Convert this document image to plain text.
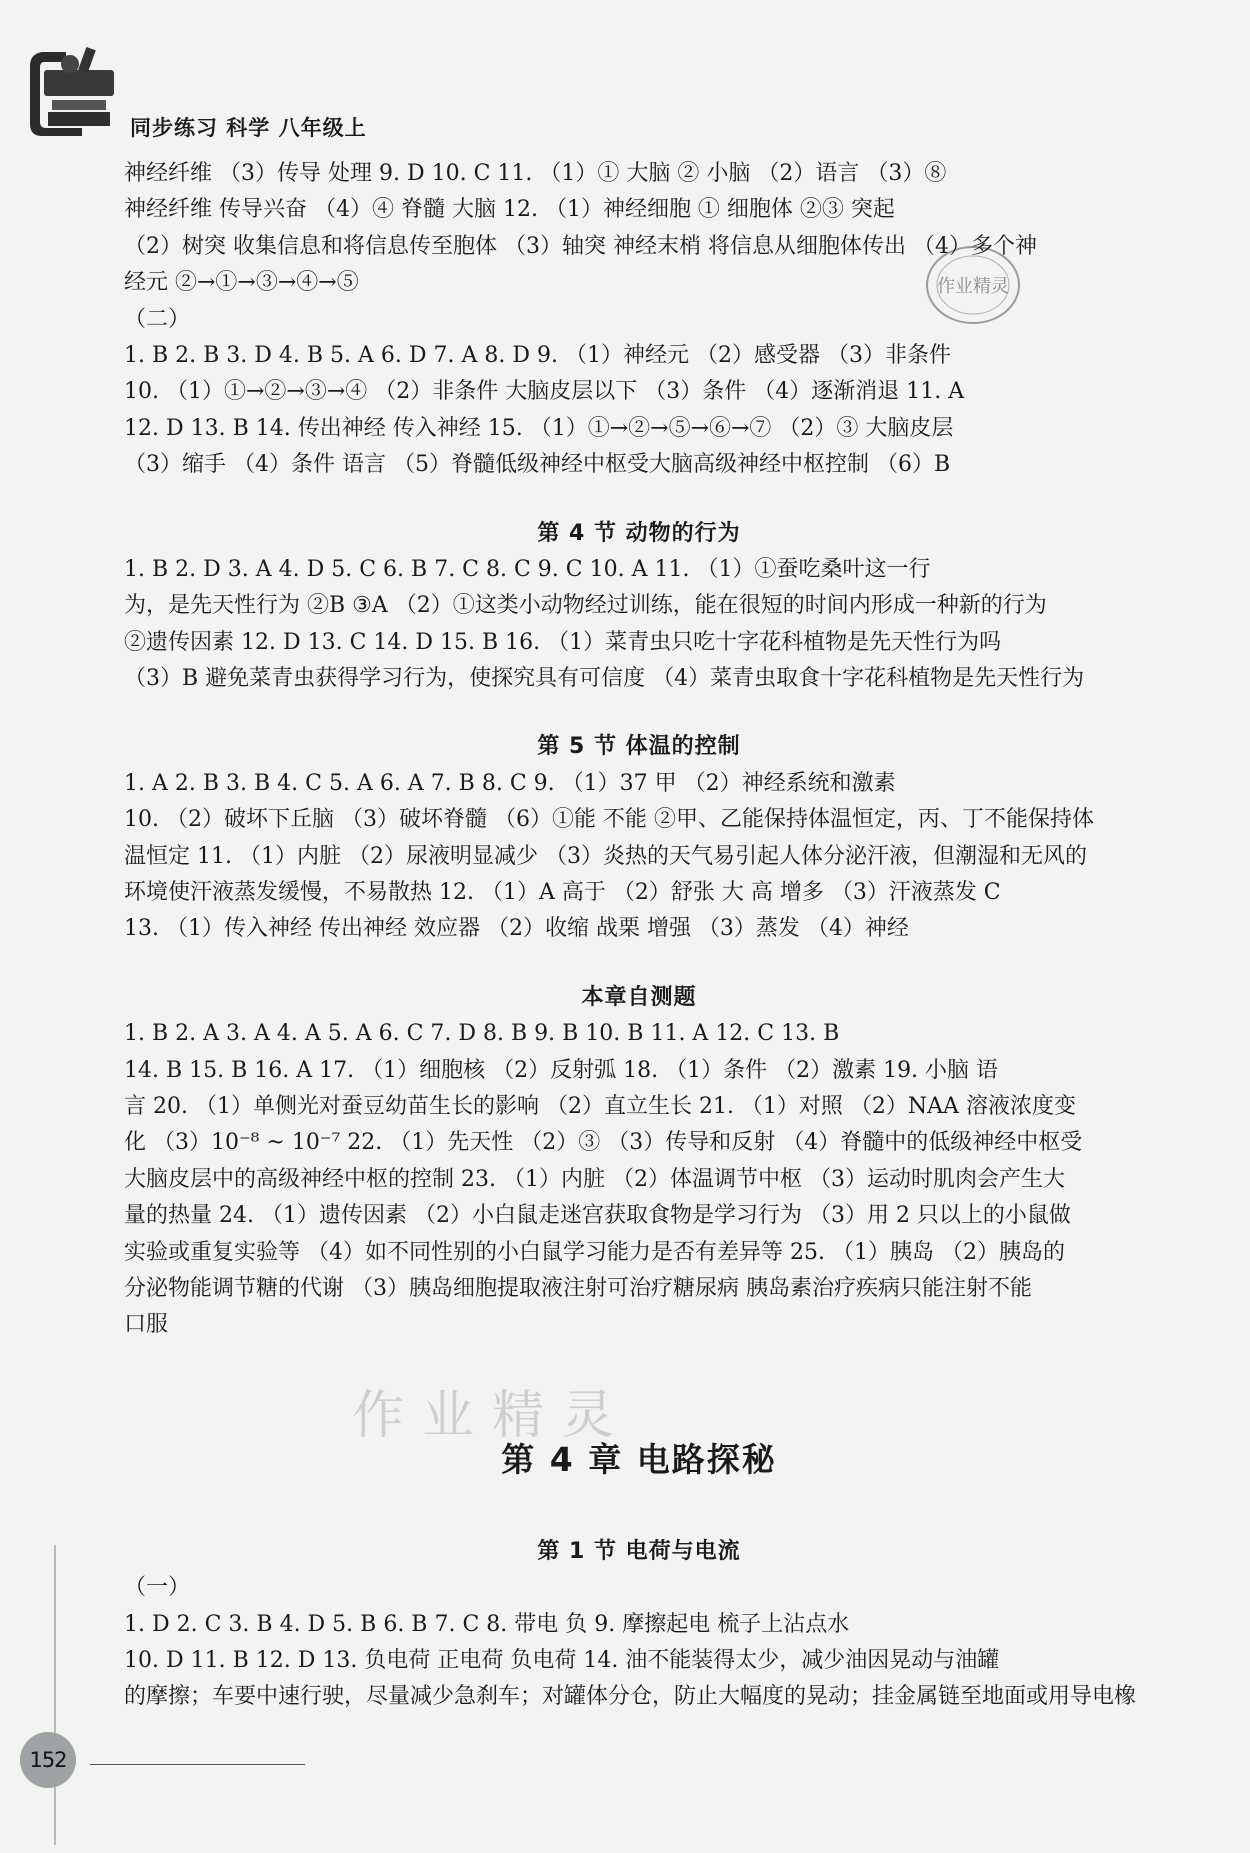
同步练习 科学 八年级上
作业精灵
作业精灵
神经纤维 （3）传导 处理 9. D 10. C 11. （1）① 大脑 ② 小脑 （2）语言 （3）⑧
神经纤维 传导兴奋 （4）④ 脊髓 大脑 12. （1）神经细胞 ① 细胞体 ②③ 突起
（2）树突 收集信息和将信息传至胞体 （3）轴突 神经末梢 将信息从细胞体传出 （4）多个神
经元 ②→①→③→④→⑤
（二）
1. B 2. B 3. D 4. B 5. A 6. D 7. A 8. D 9. （1）神经元 （2）感受器 （3）非条件
10. （1）①→②→③→④ （2）非条件 大脑皮层以下 （3）条件 （4）逐渐消退 11. A
12. D 13. B 14. 传出神经 传入神经 15. （1）①→②→⑤→⑥→⑦ （2）③ 大脑皮层
（3）缩手 （4）条件 语言 （5）脊髓低级神经中枢受大脑高级神经中枢控制 （6）B
第 4 节 动物的行为
1. B 2. D 3. A 4. D 5. C 6. B 7. C 8. C 9. C 10. A 11. （1）①蚕吃桑叶这一行
为，是先天性行为 ②B ③A （2）①这类小动物经过训练，能在很短的时间内形成一种新的行为
②遗传因素 12. D 13. C 14. D 15. B 16. （1）菜青虫只吃十字花科植物是先天性行为吗
（3）B 避免菜青虫获得学习行为，使探究具有可信度 （4）菜青虫取食十字花科植物是先天性行为
第 5 节 体温的控制
1. A 2. B 3. B 4. C 5. A 6. A 7. B 8. C 9. （1）37 甲 （2）神经系统和激素
10. （2）破坏下丘脑 （3）破坏脊髓 （6）①能 不能 ②甲、乙能保持体温恒定，丙、丁不能保持体
温恒定 11. （1）内脏 （2）尿液明显减少 （3）炎热的天气易引起人体分泌汗液，但潮湿和无风的
环境使汗液蒸发缓慢，不易散热 12. （1）A 高于 （2）舒张 大 高 增多 （3）汗液蒸发 C
13. （1）传入神经 传出神经 效应器 （2）收缩 战栗 增强 （3）蒸发 （4）神经
本章自测题
1. B 2. A 3. A 4. A 5. A 6. C 7. D 8. B 9. B 10. B 11. A 12. C 13. B
14. B 15. B 16. A 17. （1）细胞核 （2）反射弧 18. （1）条件 （2）激素 19. 小脑 语
言 20. （1）单侧光对蚕豆幼苗生长的影响 （2）直立生长 21. （1）对照 （2）NAA 溶液浓度变
化 （3）10⁻⁸ ~ 10⁻⁷ 22. （1）先天性 （2）③ （3）传导和反射 （4）脊髓中的低级神经中枢受
大脑皮层中的高级神经中枢的控制 23. （1）内脏 （2）体温调节中枢 （3）运动时肌肉会产生大
量的热量 24. （1）遗传因素 （2）小白鼠走迷宫获取食物是学习行为 （3）用 2 只以上的小鼠做
实验或重复实验等 （4）如不同性别的小白鼠学习能力是否有差异等 25. （1）胰岛 （2）胰岛的
分泌物能调节糖的代谢 （3）胰岛细胞提取液注射可治疗糖尿病 胰岛素治疗疾病只能注射不能
口服
第 4 章 电路探秘
第 1 节 电荷与电流
（一）
1. D 2. C 3. B 4. D 5. B 6. B 7. C 8. 带电 负 9. 摩擦起电 梳子上沾点水
10. D 11. B 12. D 13. 负电荷 正电荷 负电荷 14. 油不能装得太少，减少油因晃动与油罐
的摩擦；车要中速行驶，尽量减少急刹车；对罐体分仓，防止大幅度的晃动；挂金属链至地面或用导电橡
152
